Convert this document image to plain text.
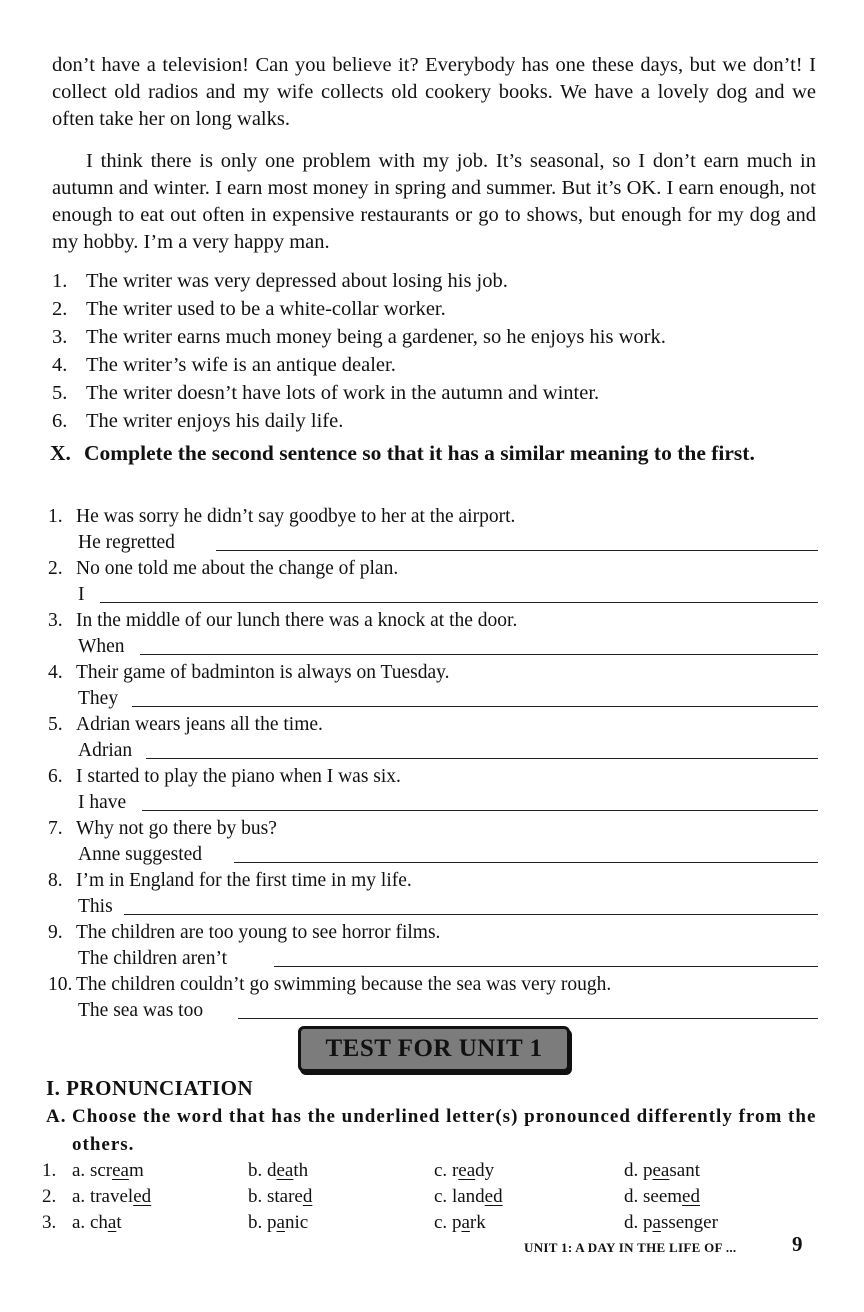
don’t have a television! Can you believe it? Everybody has one these days, but we don’t! I collect old radios and my wife collects old cookery books. We have a lovely dog and we often take her on long walks.
I think there is only one problem with my job. It’s seasonal, so I don’t earn much in autumn and winter. I earn most money in spring and summer. But it’s OK. I earn enough, not enough to eat out often in expensive restaurants or go to shows, but enough for my dog and my hobby. I’m a very happy man.
1. The writer was very depressed about losing his job.
2. The writer used to be a white-collar worker.
3. The writer earns much money being a gardener, so he enjoys his work.
4. The writer’s wife is an antique dealer.
5. The writer doesn’t have lots of work in the autumn and winter.
6. The writer enjoys his daily life.
X. Complete the second sentence so that it has a similar meaning to the first.
1. He was sorry he didn’t say goodbye to her at the airport.
He regretted
2. No one told me about the change of plan.
I
3. In the middle of our lunch there was a knock at the door.
When
4. Their game of badminton is always on Tuesday.
They
5. Adrian wears jeans all the time.
Adrian
6. I started to play the piano when I was six.
I have
7. Why not go there by bus?
Anne suggested
8. I’m in England for the first time in my life.
This
9. The children are too young to see horror films.
The children aren’t
10. The children couldn’t go swimming because the sea was very rough.
The sea was too
TEST FOR UNIT 1
I. PRONUNCIATION
A. Choose the word that has the underlined letter(s) pronounced differently from the others.
1. a. scream	b. death	c. ready	d. peasant
2. a. traveled	b. stared	c. landed	d. seemed
3. a. chat	b. panic	c. park	d. passenger
UNIT 1: A DAY IN THE LIFE OF ...	9
